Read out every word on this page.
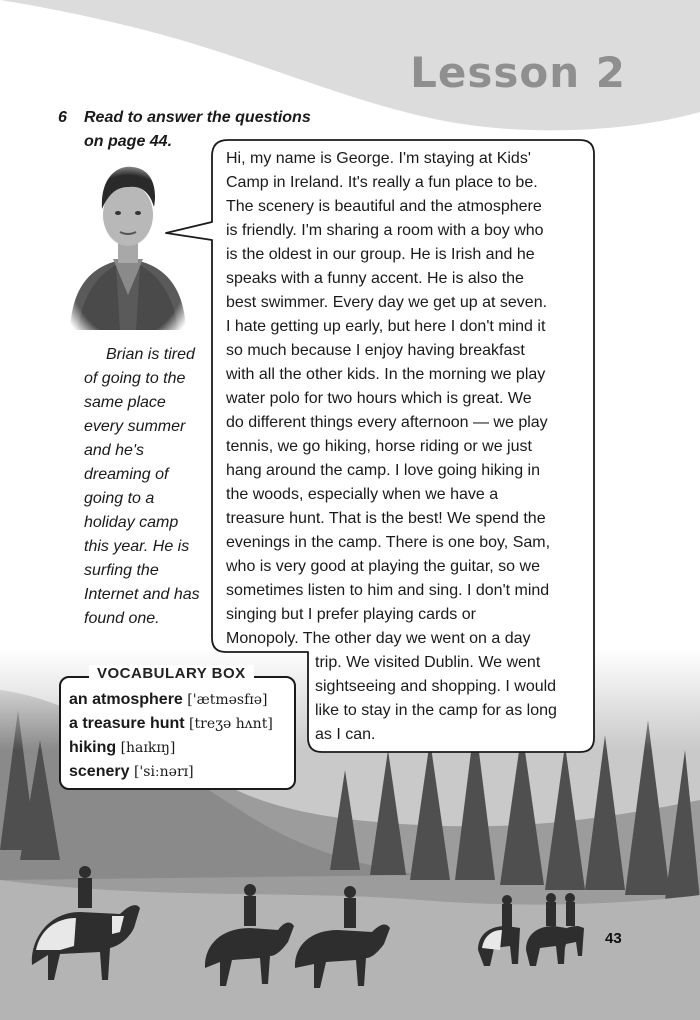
Lesson 2
6 Read to answer the questions
on page 44.

Brian is tired of going to the same place every summer and he's dreaming of going to a holiday camp this year. He is surfing the Internet and has found one.

Hi, my name is George. I'm staying at Kids'

Camp in Ireland. It's really a fun place to be.

The scenery is beautiful and the atmosphere

is friendly. I'm sharing a room with a boy who

is the oldest in our group. He is Irish and he

speaks with a funny accent. He is also the

best swimmer. Every day we get up at seven.

I hate getting up early, but here I don't mind it

so much because I enjoy having breakfast

with all the other kids. In the morning we play

water polo for two hours which is great. We

do different things every afternoon — we play

tennis, we go hiking, horse riding or we just

hang around the camp. I love going hiking in

the woods, especially when we have a

treasure hunt. That is the best! We spend the

evenings in the camp. There is one boy, Sam,

who is very good at playing the guitar, so we

sometimes listen to him and sing. I don't mind

singing but I prefer playing cards or

Monopoly. The other day we went on a day

trip. We visited Dublin. We went

sightseeing and shopping. I would

like to stay in the camp for as long

as I can.

VOCABULARY BOX
an atmosphere ['ætməsfɪə]
a treasure hunt [treʒə hʌnt]
hiking [haɪkɪŋ]
scenery ['siːnərɪ]
43
